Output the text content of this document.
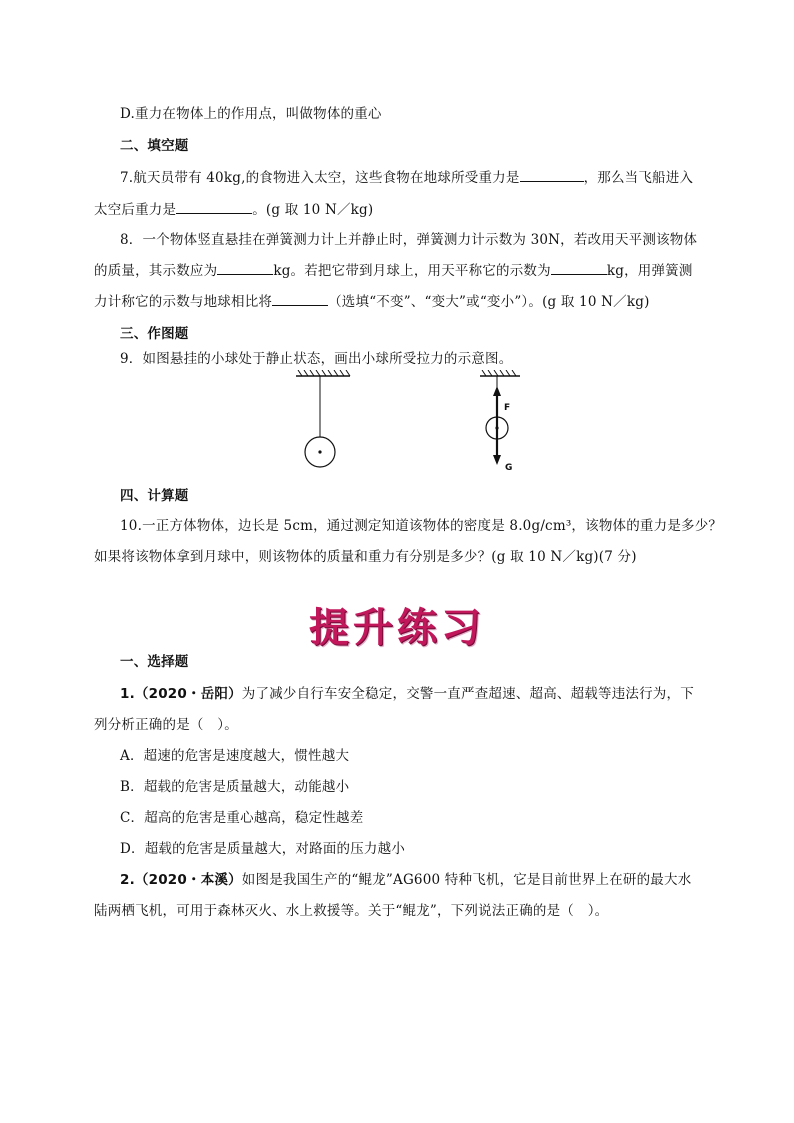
D.重力在物体上的作用点，叫做物体的重心
二、填空题
7.航天员带有 40kg,的食物进入太空，这些食物在地球所受重力是	，那么当飞船进入
太空后重力是	。(g 取 10 N／kg)
8．一个物体竖直悬挂在弹簧测力计上并静止时，弹簧测力计示数为 30N，若改用天平测该物体
的质量，其示数应为	kg。若把它带到月球上，用天平称它的示数为	kg，用弹簧测
力计称它的示数与地球相比将	（选填“不变”、“变大”或“变小”）。(g 取 10 N／kg)
三、作图题
9．如图悬挂的小球处于静止状态，画出小球所受拉力的示意图。
F
G
四、计算题
10.一正方体物体，边长是 5cm，通过测定知道该物体的密度是 8.0g/cm³，该物体的重力是多少？
如果将该物体拿到月球中，则该物体的质量和重力有分别是多少？(g 取 10 N／kg)(7 分)
提升练习
一、选择题
1.（2020・岳阳）为了减少自行车安全稳定，交警一直严查超速、超高、超载等违法行为，下
列分析正确的是（　）。
A．超速的危害是速度越大，惯性越大
B．超载的危害是质量越大，动能越小
C．超高的危害是重心越高，稳定性越差
D．超载的危害是质量越大，对路面的压力越小
2.（2020・本溪）如图是我国生产的“鲲龙”AG600 特种飞机，它是目前世界上在研的最大水
陆两栖飞机，可用于森林灭火、水上救援等。关于“鲲龙”，下列说法正确的是（　）。
